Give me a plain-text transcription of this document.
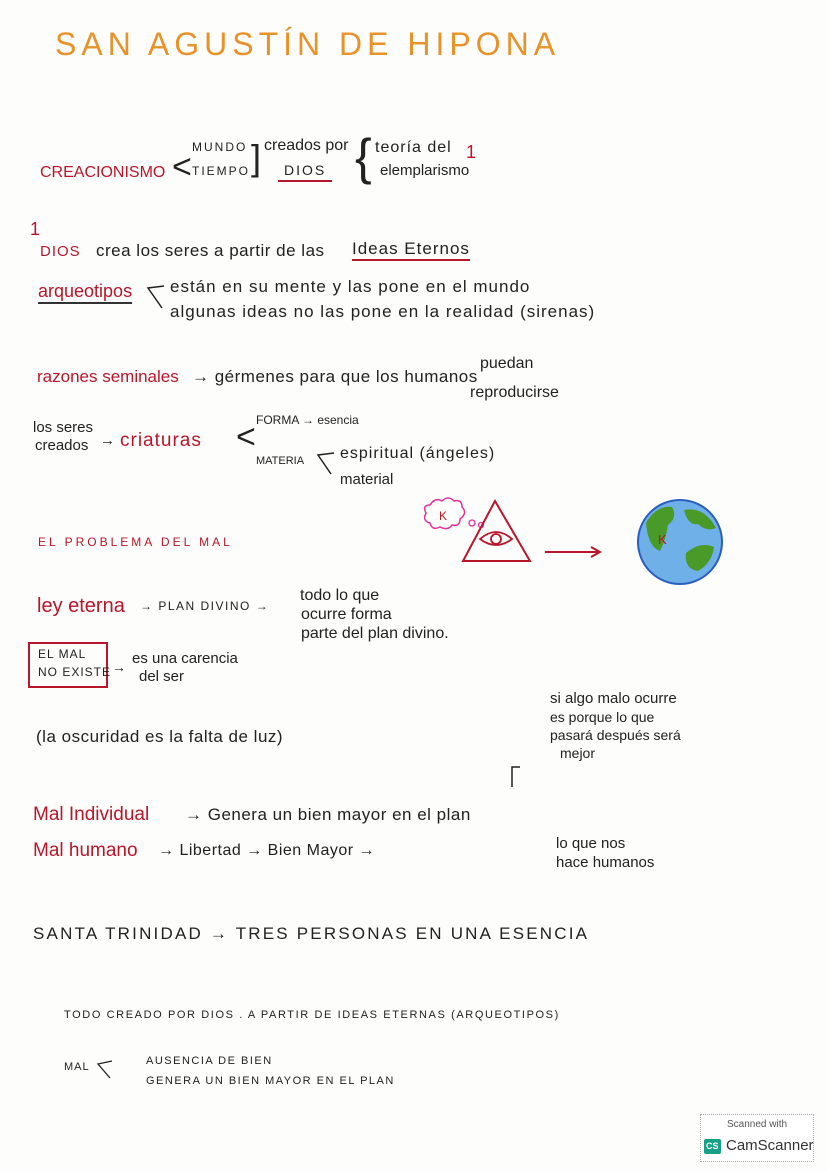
SAN AGUSTÍN DE HIPONA
CREACIONISMO <
MUNDO
TIEMPO ] creados por
DIOS { teoría del 1
elemplarismo
1
DIOS crea los seres a partir de las Ideas Eternos
arqueotipos están en su mente y las pone en el mundo
algunas ideas no las pone en la realidad (sirenas)
razones seminales → gérmenes para que los humanos
puedan
reproducirse
los seres
creados → criaturas < FORMA → esencia
MATERIA espiritual (ángeles)
material
EL PROBLEMA DEL MAL
K
K
ley eterna → PLAN DIVINO →
todo lo que
ocurre forma
parte del plan divino.
EL MAL
NO EXISTE → es una carencia
del ser
si algo malo ocurre
es porque lo que
pasará después será
mejor
(la oscuridad es la falta de luz)
Mal Individual → Genera un bien mayor en el plan
Mal humano → Libertad → Bien Mayor →	lo que nos
hace humanos
SANTA TRINIDAD → TRES PERSONAS EN UNA ESENCIA
TODO CREADO POR DIOS . A PARTIR DE IDEAS ETERNAS (ARQUEOTIPOS)
MAL	AUSENCIA DE BIEN
GENERA UN BIEN MAYOR EN EL PLAN
Scanned with
CS CamScanner
